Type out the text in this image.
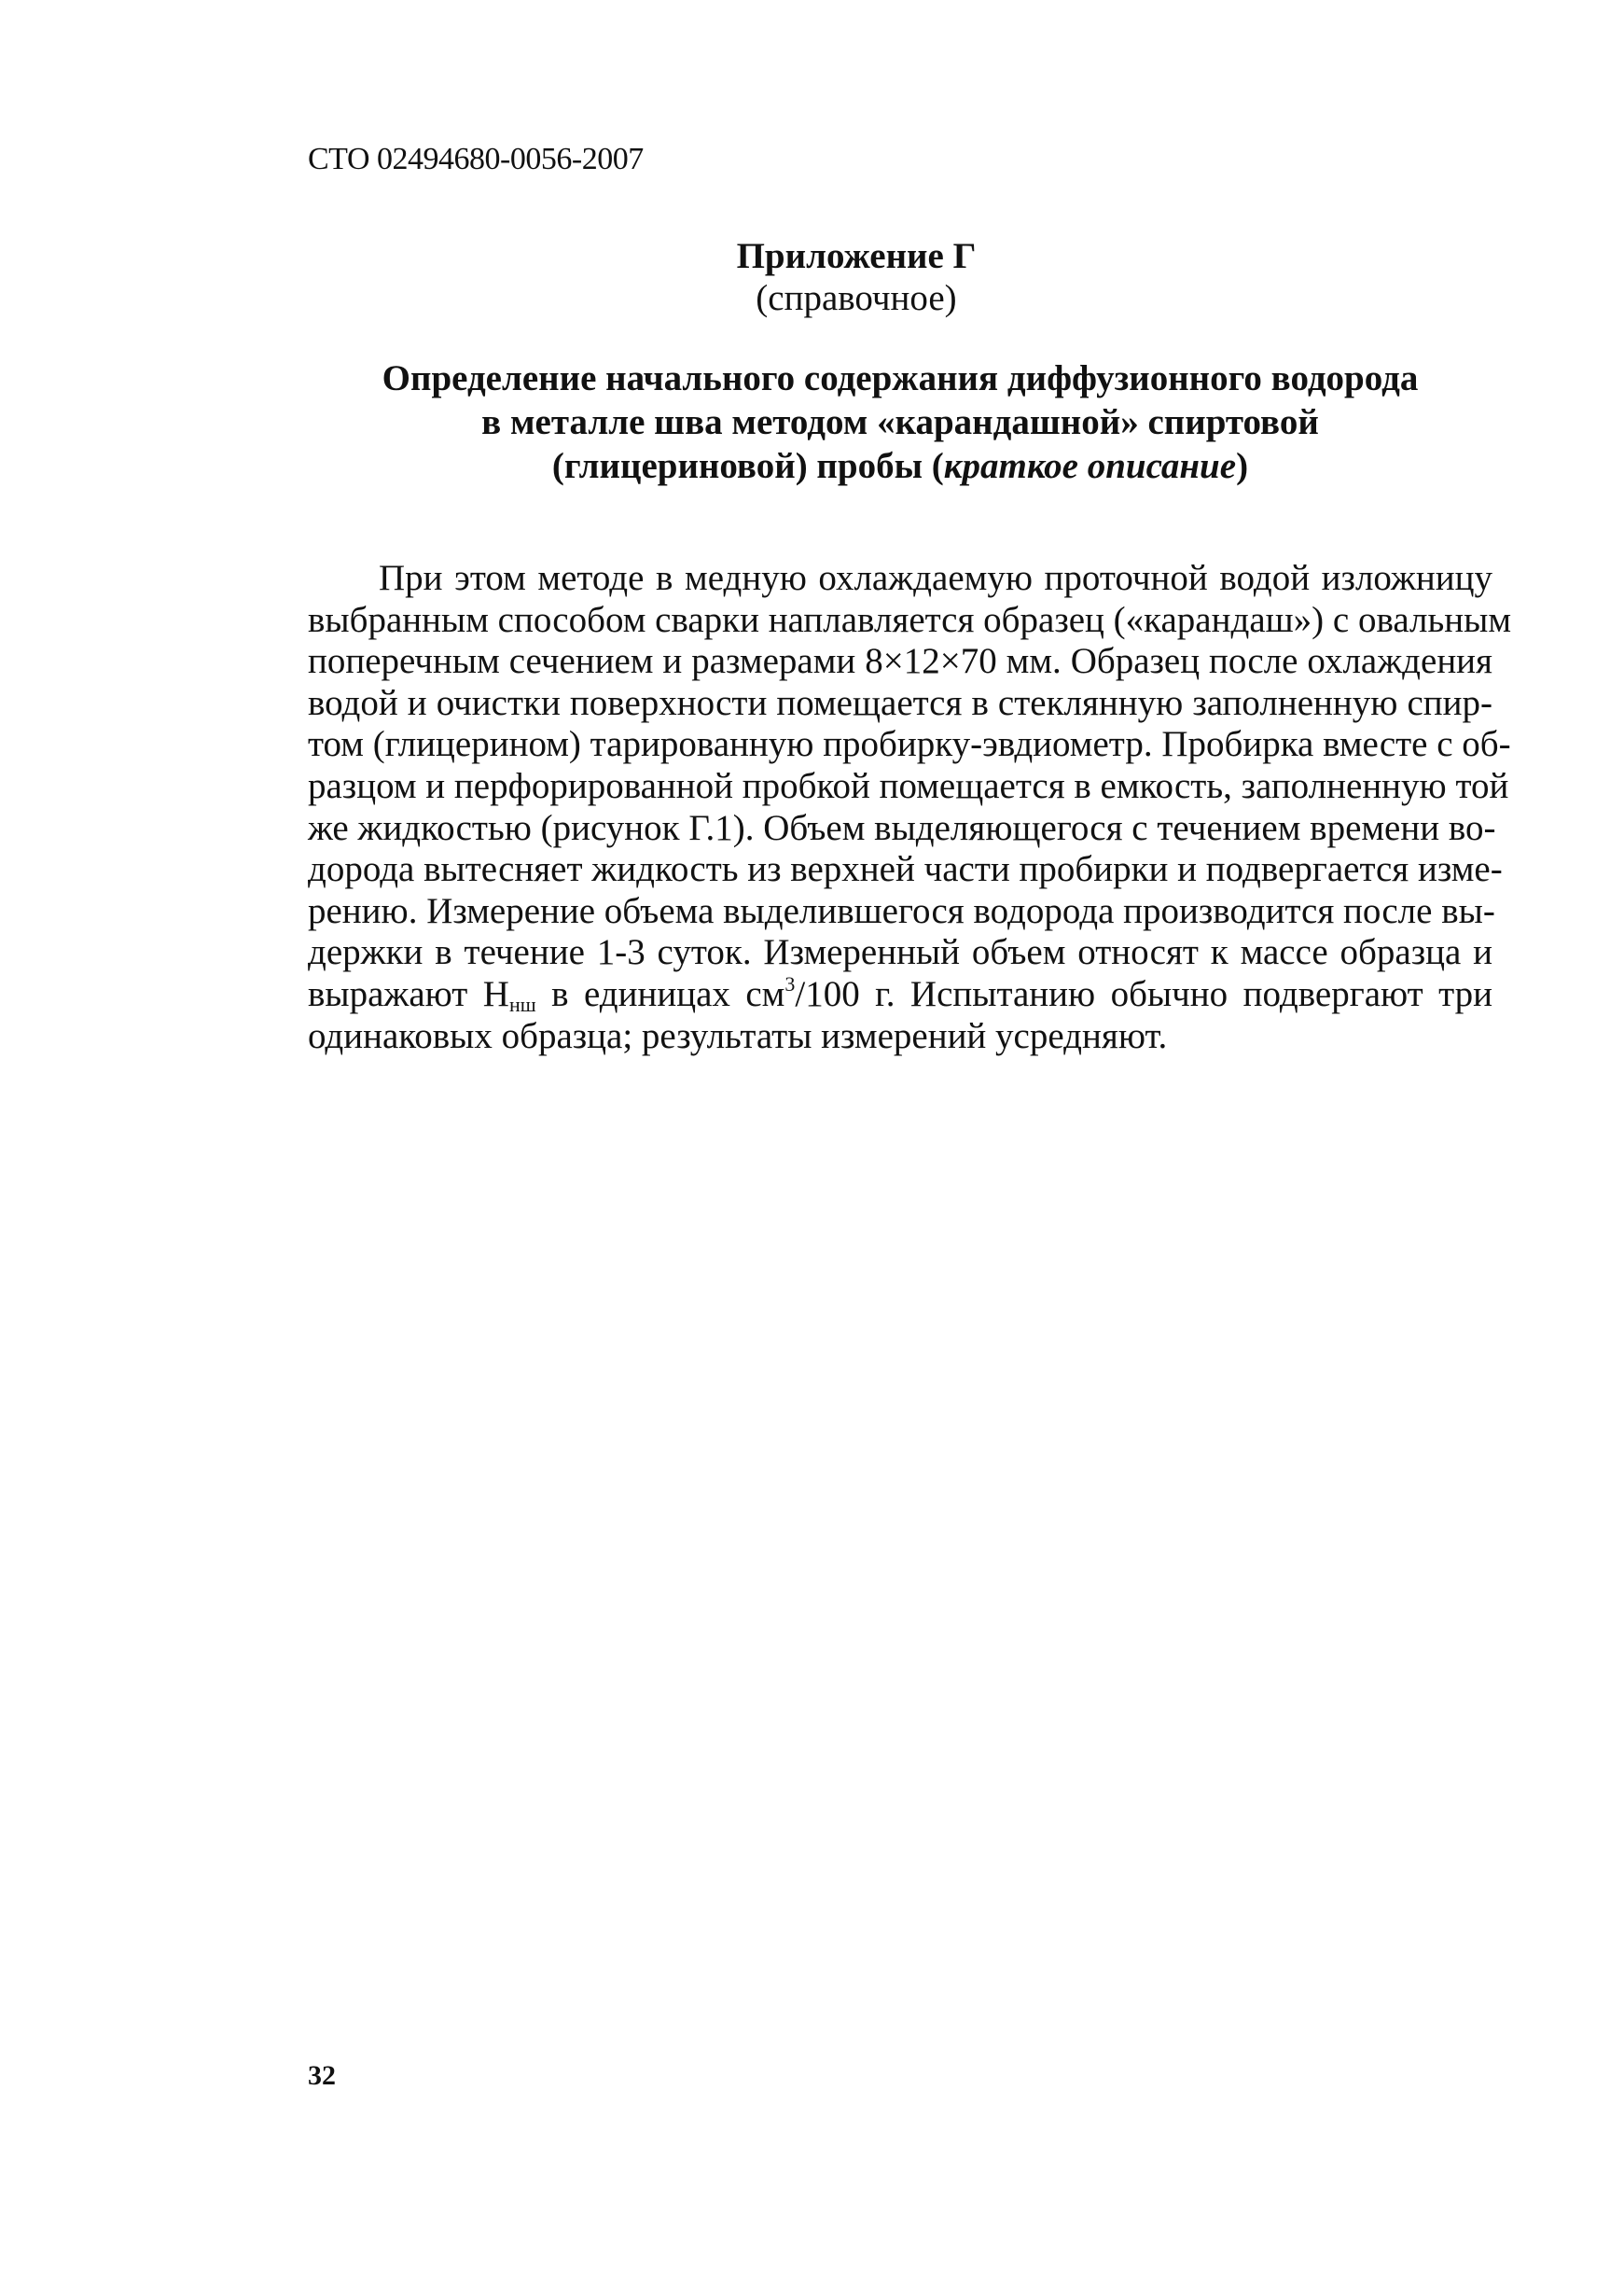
СТО 02494680-0056-2007
Приложение Г
(справочное)
Определение начального содержания диффузионного водорода
в металле шва методом «карандашной» спиртовой
(глицериновой) пробы (краткое описание)
При этом методе в медную охлаждаемую проточной водой изложницу
выбранным способом сварки наплавляется образец («карандаш») с овальным
поперечным сечением и размерами 8×12×70 мм. Образец после охлаждения
водой и очистки поверхности помещается в стеклянную заполненную спир-
том (глицерином) тарированную пробирку-эвдиометр. Пробирка вместе с об-
разцом и перфорированной пробкой помещается в емкость, заполненную той
же жидкостью (рисунок Г.1). Объем выделяющегося с течением времени во-
дорода вытесняет жидкость из верхней части пробирки и подвергается изме-
рению. Измерение объема выделившегося водорода производится после вы-
держки в течение 1-3 суток. Измеренный объем относят к массе образца и
выражают $H_{нш}$ в единицах $см^3/100$ г. Испытанию обычно подвергают три
одинаковых образца; результаты измерений усредняют.
32
